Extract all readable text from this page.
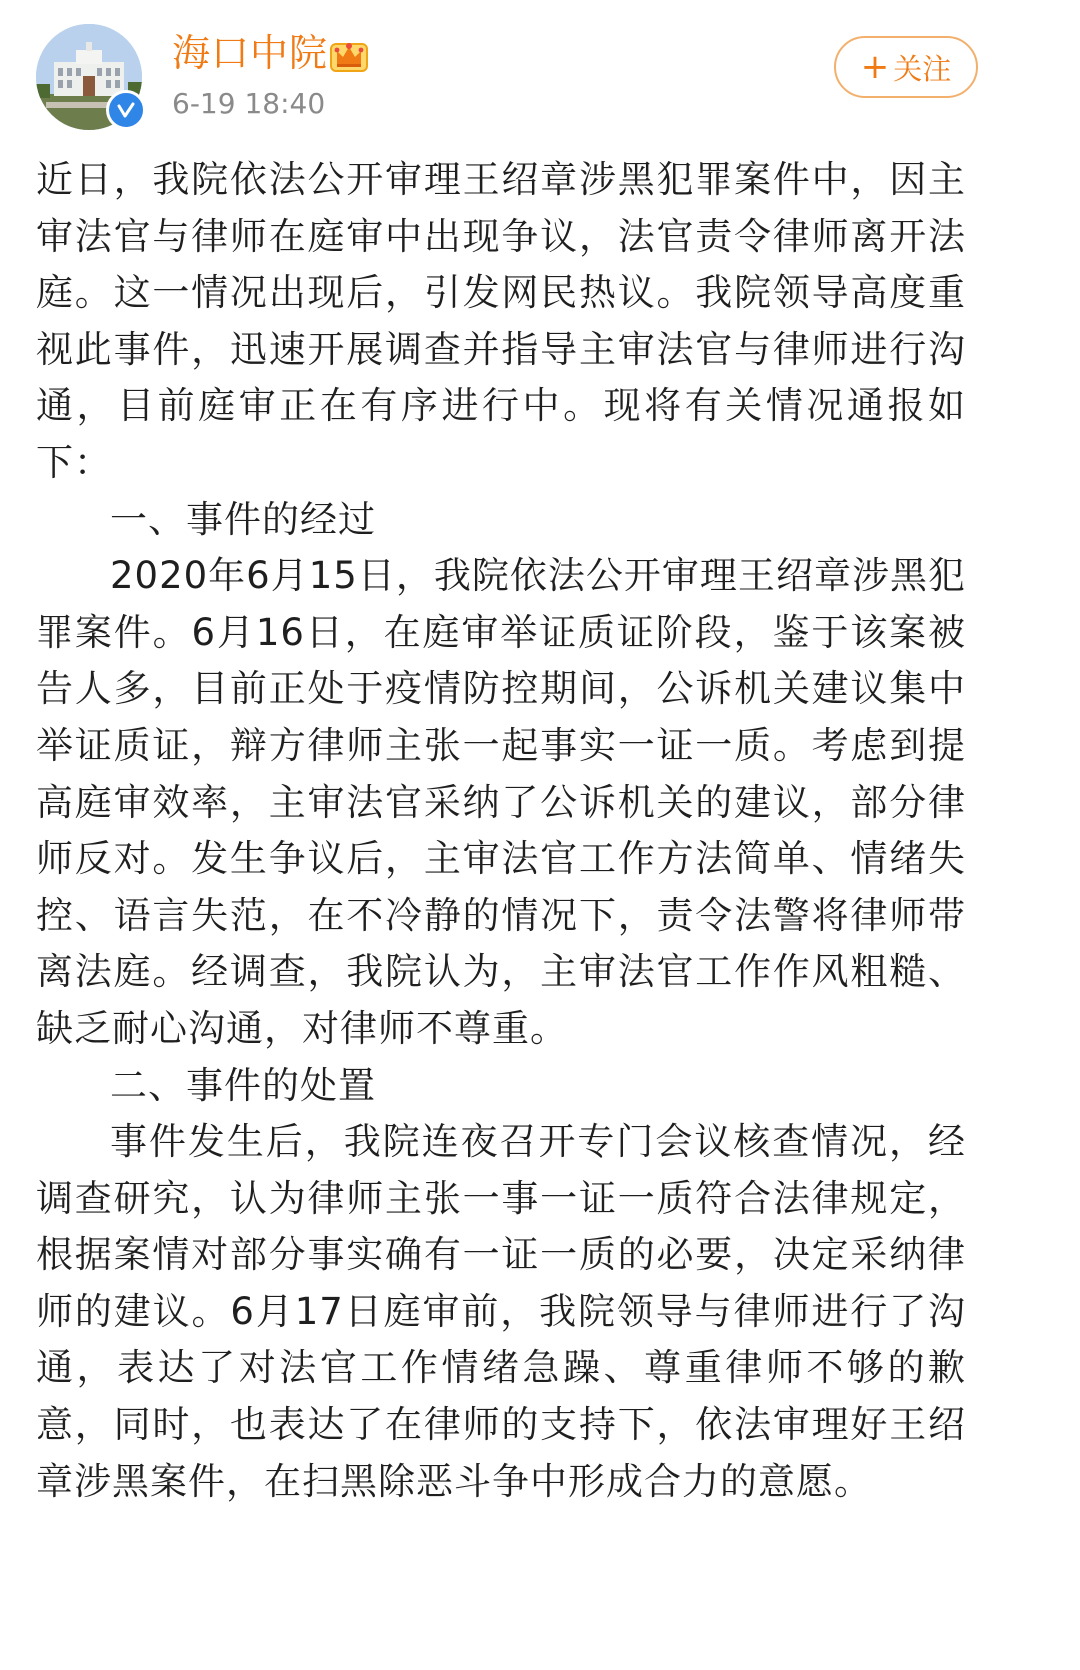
海口中院
6-19 18:40
+ 关注

近日，我院依法公开审理王绍章涉黑犯罪案件中，因主审法官与律师在庭审中出现争议，法官责令律师离开法庭。这一情况出现后，引发网民热议。我院领导高度重视此事件，迅速开展调查并指导主审法官与律师进行沟通，目前庭审正在有序进行中。现将有关情况通报如下：

一、事件的经过

2020年6月15日，我院依法公开审理王绍章涉黑犯罪案件。6月16日，在庭审举证质证阶段，鉴于该案被告人多，目前正处于疫情防控期间，公诉机关建议集中举证质证，辩方律师主张一起事实一证一质。考虑到提高庭审效率，主审法官采纳了公诉机关的建议，部分律师反对。发生争议后，主审法官工作方法简单、情绪失控、语言失范，在不冷静的情况下，责令法警将律师带离法庭。经调查，我院认为，主审法官工作作风粗糙、缺乏耐心沟通，对律师不尊重。

二、事件的处置

事件发生后，我院连夜召开专门会议核查情况，经调查研究，认为律师主张一事一证一质符合法律规定，根据案情对部分事实确有一证一质的必要，决定采纳律师的建议。6月17日庭审前，我院领导与律师进行了沟通，表达了对法官工作情绪急躁、尊重律师不够的歉意，同时，也表达了在律师的支持下，依法审理好王绍章涉黑案件，在扫黑除恶斗争中形成合力的意愿。
